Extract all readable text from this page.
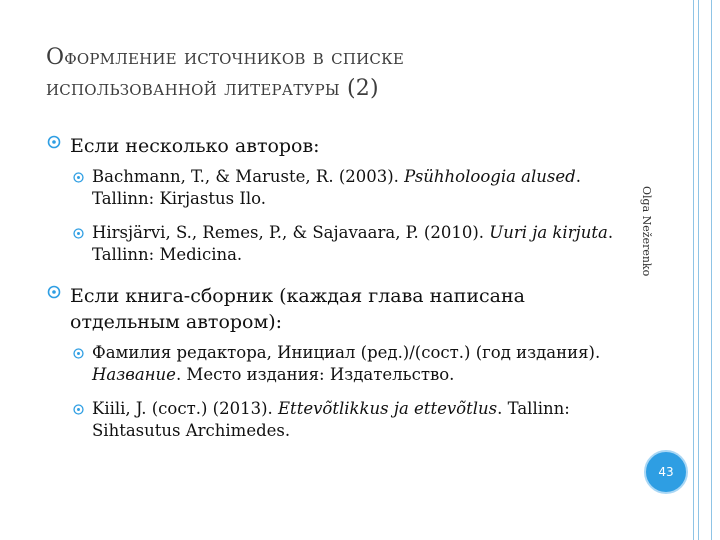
Оформление источников в списке
использованной литературы (2)
Если несколько авторов:
Bachmann, T., & Maruste, R. (2003). Psühholoogia alused. Tallinn: Kirjastus Ilo.
Hirsjärvi, S., Remes, P., & Sajavaara, P. (2010). Uuri ja kirjuta. Tallinn: Medicina.
Если книга-сборник (каждая глава написана отдельным автором):
Фамилия редактора, Инициал (ред.)/(сост.) (год издания). Название. Место издания: Издательство.
Kiili, J. (сост.) (2013). Ettevõtlikkus ja ettevõtlus. Tallinn: Sihtasutus Archimedes.
Olga Nežerenko
43
